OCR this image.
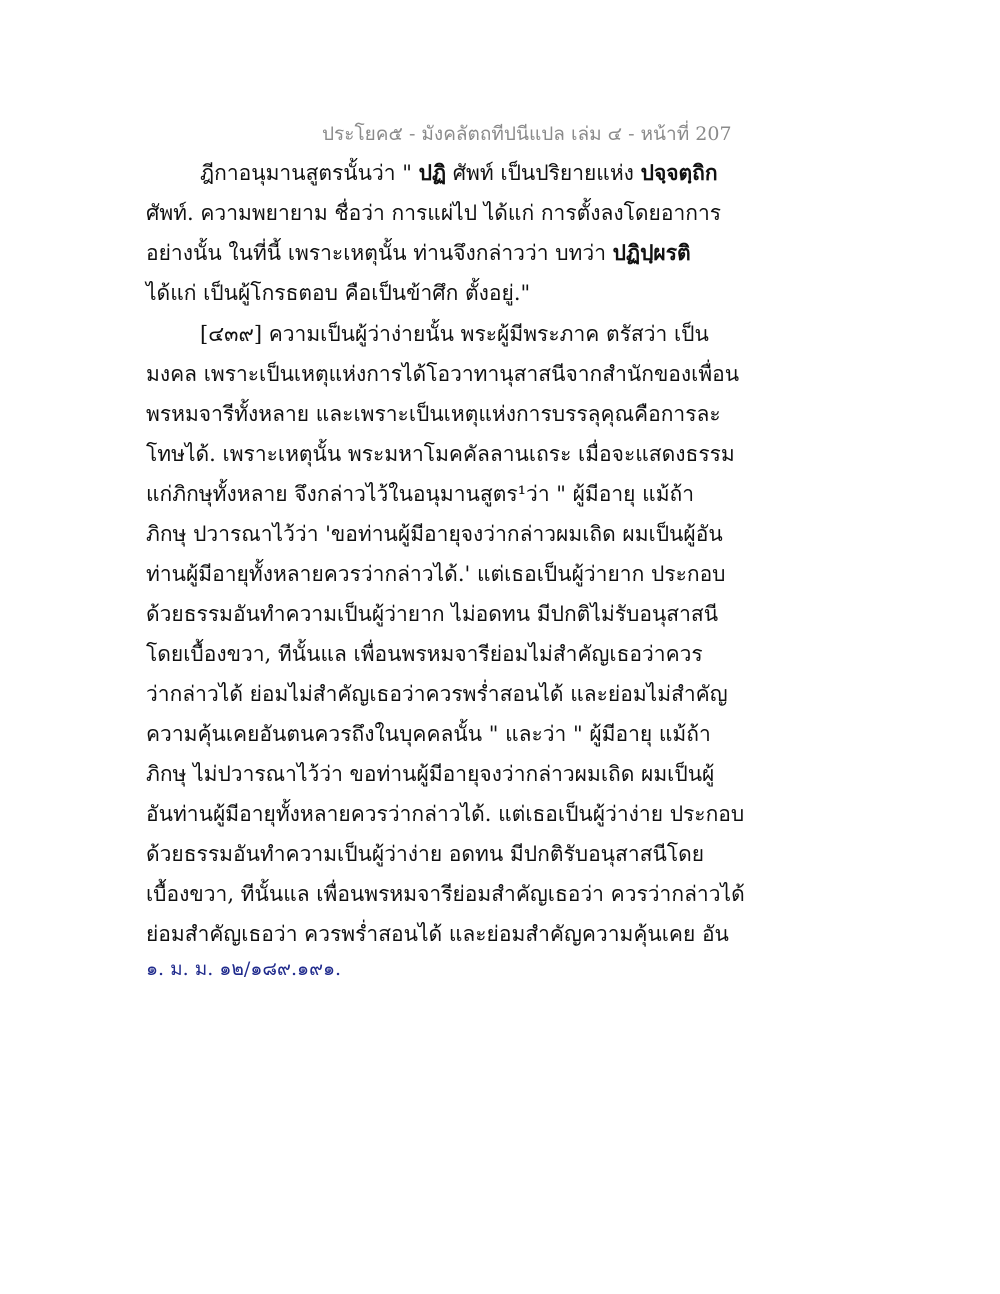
ประโยค๕ - มังคลัตถทีปนีแปล เล่ม ๔ - หน้าที่ 207
ฎีกาอนุมานสูตรนั้นว่า " ปฏิ ศัพท์ เป็นปริยายแห่ง ปจฺจตฺถิก
ศัพท์. ความพยายาม ชื่อว่า การแผ่ไป ได้แก่ การตั้งลงโดยอาการ
อย่างนั้น ในที่นี้ เพราะเหตุนั้น ท่านจึงกล่าวว่า บทว่า ปฏิปฺผรติ
ได้แก่ เป็นผู้โกรธตอบ คือเป็นข้าศึก ตั้งอยู่."
[๔๓๙] ความเป็นผู้ว่าง่ายนั้น พระผู้มีพระภาค ตรัสว่า เป็น
มงคล เพราะเป็นเหตุแห่งการได้โอวาทานุสาสนีจากสำนักของเพื่อน
พรหมจารีทั้งหลาย และเพราะเป็นเหตุแห่งการบรรลุคุณคือการละ
โทษได้. เพราะเหตุนั้น พระมหาโมคคัลลานเถระ เมื่อจะแสดงธรรม
แก่ภิกษุทั้งหลาย จึงกล่าวไว้ในอนุมานสูตร¹ว่า " ผู้มีอายุ แม้ถ้า
ภิกษุ ปวารณาไว้ว่า 'ขอท่านผู้มีอายุจงว่ากล่าวผมเถิด ผมเป็นผู้อัน
ท่านผู้มีอายุทั้งหลายควรว่ากล่าวได้.' แต่เธอเป็นผู้ว่ายาก ประกอบ
ด้วยธรรมอันทำความเป็นผู้ว่ายาก ไม่อดทน มีปกติไม่รับอนุสาสนี
โดยเบื้องขวา, ทีนั้นแล เพื่อนพรหมจารีย่อมไม่สำคัญเธอว่าควร
ว่ากล่าวได้ ย่อมไม่สำคัญเธอว่าควรพร่ำสอนได้ และย่อมไม่สำคัญ
ความคุ้นเคยอันตนควรถึงในบุคคลนั้น " และว่า " ผู้มีอายุ แม้ถ้า
ภิกษุ ไม่ปวารณาไว้ว่า ขอท่านผู้มีอายุจงว่ากล่าวผมเถิด ผมเป็นผู้
อันท่านผู้มีอายุทั้งหลายควรว่ากล่าวได้. แต่เธอเป็นผู้ว่าง่าย ประกอบ
ด้วยธรรมอันทำความเป็นผู้ว่าง่าย อดทน มีปกติรับอนุสาสนีโดย
เบื้องขวา, ทีนั้นแล เพื่อนพรหมจารีย่อมสำคัญเธอว่า ควรว่ากล่าวได้
ย่อมสำคัญเธอว่า ควรพร่ำสอนได้ และย่อมสำคัญความคุ้นเคย อัน
๑. ม. ม. ๑๒/๑๘๙.๑๙๑.
